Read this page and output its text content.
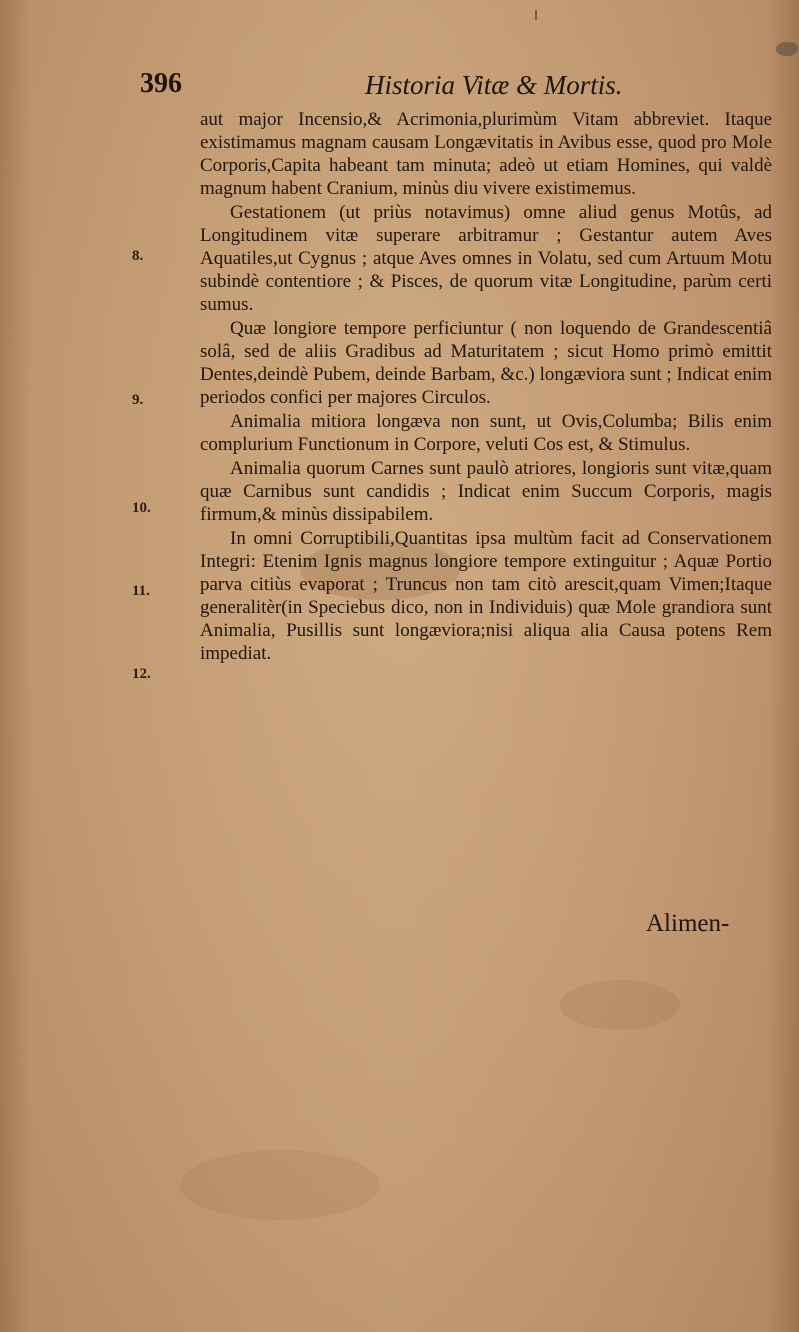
396	Historia Vitæ & Mortis.
8.
9.
10.
11.
12.

aut major Incensio,& Acrimonia,plurimùm Vitam abbreviet. Itaque existimamus magnam causam Longævitatis in Avibus esse, quod pro Mole Corporis,Capita habeant tam minuta; adeò ut etiam Homines, qui valdè magnum habent Cranium, minùs diu vivere existimemus.

Gestationem (ut priùs notavimus) omne aliud genus Motûs, ad Longitudinem vitæ superare arbitramur ; Gestantur autem Aves Aquatiles,ut Cygnus ; atque Aves omnes in Volatu, sed cum Artuum Motu subindè contentiore ; & Pisces, de quorum vitæ Longitudine, parùm certi sumus.

Quæ longiore tempore perficiuntur ( non loquendo de Grandescentiâ solâ, sed de aliis Gradibus ad Maturitatem ; sicut Homo primò emittit Dentes,deindè Pubem, deinde Barbam, &c.) longæviora sunt ; Indicat enim periodos confici per majores Circulos.

Animalia mitiora longæva non sunt, ut Ovis,Columba; Bilis enim complurium Functionum in Corpore, veluti Cos est, & Stimulus.

Animalia quorum Carnes sunt paulò atriores, longioris sunt vitæ,quam quæ Carnibus sunt candidis ; Indicat enim Succum Corporis, magis firmum,& minùs dissipabilem.

In omni Corruptibili,Quantitas ipsa multùm facit ad Conservationem Integri: Etenim Ignis magnus longiore tempore extinguitur ; Aquæ Portio parva citiùs evaporat ; Truncus non tam citò arescit,quam Vimen;Itaque generalitèr(in Speciebus dico, non in Individuis) quæ Mole grandiora sunt Animalia, Pusillis sunt longæviora;nisi aliqua alia Causa potens Rem impediat.

Alimen-
